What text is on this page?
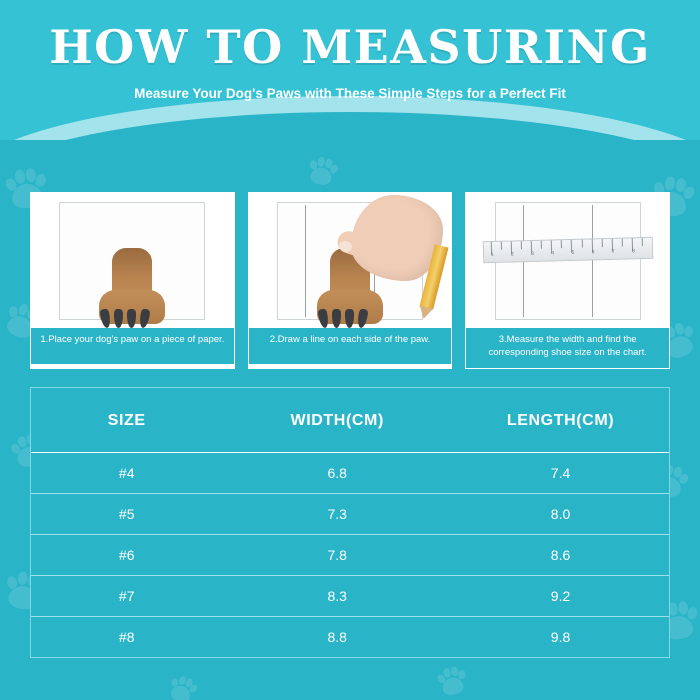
HOW TO MEASURING
Measure Your Dog's Paws with These Simple Steps for a Perfect Fit
1.Place your dog's paw on a piece of paper.	2.Draw a line on each side of the paw.
1	2	3	4	5	6	7	8
3.Measure the width and find the corresponding shoe size on the chart.
SIZE	WIDTH(CM)	LENGTH(CM)
#4	6.8	7.4
#5	7.3	8.0
#6	7.8	8.6
#7	8.3	9.2
#8	8.8	9.8
